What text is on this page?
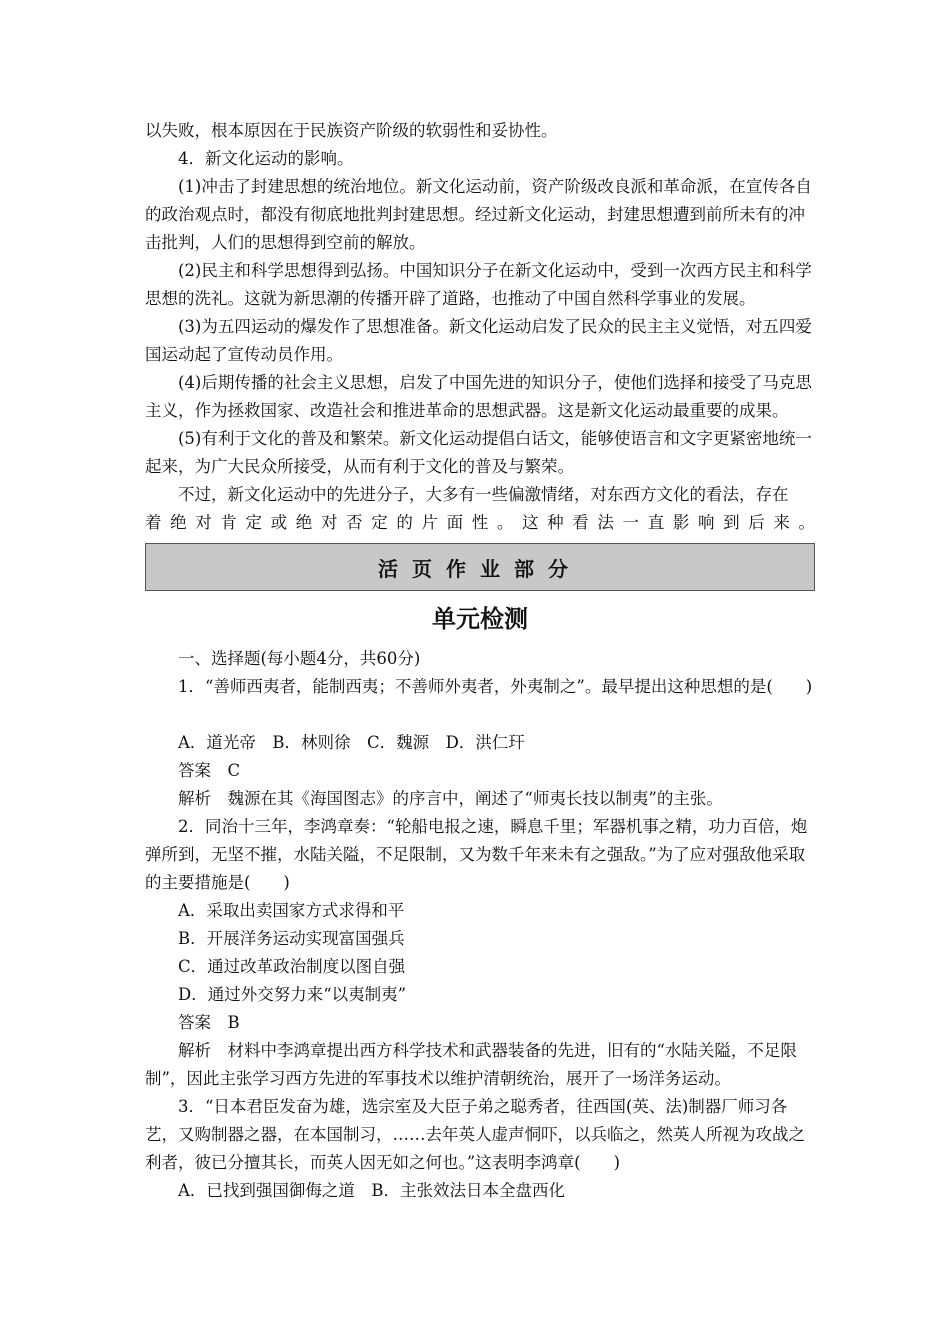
以失败，根本原因在于民族资产阶级的软弱性和妥协性。

4．新文化运动的影响。

(1)冲击了封建思想的统治地位。新文化运动前，资产阶级改良派和革命派，在宣传各自的政治观点时，都没有彻底地批判封建思想。经过新文化运动，封建思想遭到前所未有的冲击批判，人们的思想得到空前的解放。

(2)民主和科学思想得到弘扬。中国知识分子在新文化运动中，受到一次西方民主和科学思想的洗礼。这就为新思潮的传播开辟了道路，也推动了中国自然科学事业的发展。

(3)为五四运动的爆发作了思想准备。新文化运动启发了民众的民主主义觉悟，对五四爱国运动起了宣传动员作用。

(4)后期传播的社会主义思想，启发了中国先进的知识分子，使他们选择和接受了马克思主义，作为拯救国家、改造社会和推进革命的思想武器。这是新文化运动最重要的成果。

(5)有利于文化的普及和繁荣。新文化运动提倡白话文，能够使语言和文字更紧密地统一起来，为广大民众所接受，从而有利于文化的普及与繁荣。

不过，新文化运动中的先进分子，大多有一些偏激情绪，对东西方文化的看法，存在

着绝对肯定或绝对否定的片面性。这种看法一直影响到后来。

活页作业部分
单元检测

一、选择题(每小题4分，共60分)

1．“善师西夷者，能制西夷；不善师外夷者，外夷制之”。最早提出这种思想的是(　　)

A．道光帝　B．林则徐　C．魏源　D．洪仁玕

答案　C

解析　魏源在其《海国图志》的序言中，阐述了“师夷长技以制夷”的主张。

2．同治十三年，李鸿章奏：“轮船电报之速，瞬息千里；军器机事之精，功力百倍，炮弹所到，无坚不摧，水陆关隘，不足限制，又为数千年来未有之强敌。”为了应对强敌他采取的主要措施是(　　)

A．采取出卖国家方式求得和平

B．开展洋务运动实现富国强兵

C．通过改革政治制度以图自强

D．通过外交努力来“以夷制夷”

答案　B

解析　材料中李鸿章提出西方科学技术和武器装备的先进，旧有的“水陆关隘，不足限制”，因此主张学习西方先进的军事技术以维护清朝统治，展开了一场洋务运动。

3．“日本君臣发奋为雄，选宗室及大臣子弟之聪秀者，往西国(英、法)制器厂师习各艺，又购制器之器，在本国制习，……去年英人虚声恫吓，以兵临之，然英人所视为攻战之利者，彼已分擅其长，而英人因无如之何也。”这表明李鸿章(　　)

A．已找到强国御侮之道　B．主张效法日本全盘西化
